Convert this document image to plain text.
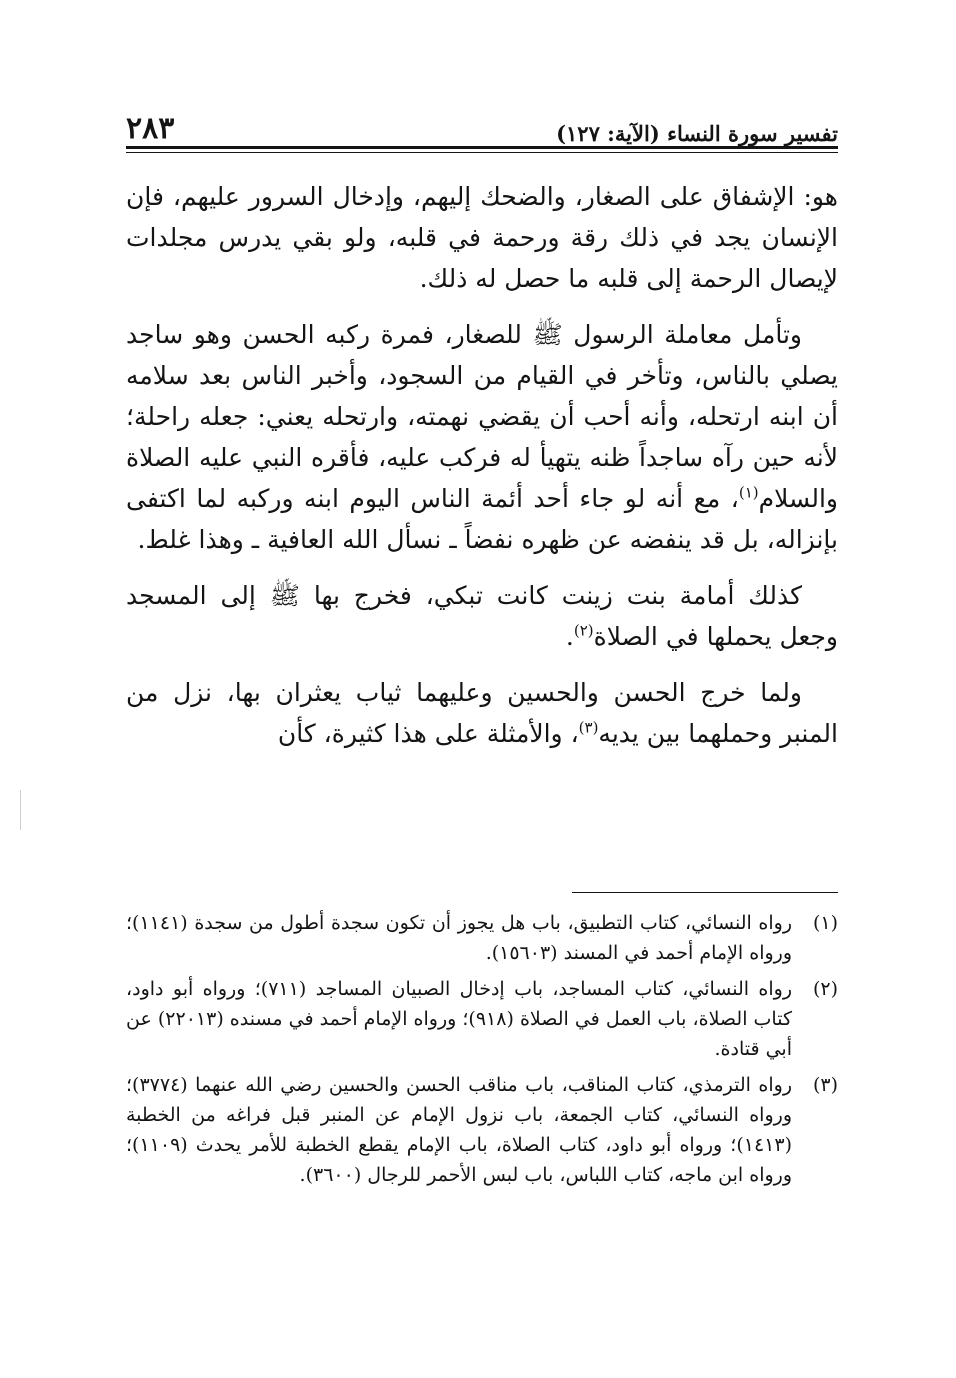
تفسير سورة النساء (الآية: ١٢٧)
٢٨٣

هو: الإشفاق على الصغار، والضحك إليهم، وإدخال السرور عليهم، فإن الإنسان يجد في ذلك رقة ورحمة في قلبه، ولو بقي يدرس مجلدات لإيصال الرحمة إلى قلبه ما حصل له ذلك.

وتأمل معاملة الرسول ﷺ للصغار، فمرة ركبه الحسن وهو ساجد يصلي بالناس، وتأخر في القيام من السجود، وأخبر الناس بعد سلامه أن ابنه ارتحله، وأنه أحب أن يقضي نهمته، وارتحله يعني: جعله راحلة؛ لأنه حين رآه ساجداً ظنه يتهيأ له فركب عليه، فأقره النبي عليه الصلاة والسلام$^{(١)}$، مع أنه لو جاء أحد أئمة الناس اليوم ابنه وركبه لما اكتفى بإنزاله، بل قد ينفضه عن ظهره نفضاً ـ نسأل الله العافية ـ وهذا غلط.

كذلك أمامة بنت زينت كانت تبكي، فخرج بها ﷺ إلى المسجد وجعل يحملها في الصلاة$^{(٢)}$.

ولما خرج الحسن والحسين وعليهما ثياب يعثران بها، نزل من المنبر وحملهما بين يديه$^{(٣)}$، والأمثلة على هذا كثيرة، كأن

(١)
رواه النسائي، كتاب التطبيق، باب هل يجوز أن تكون سجدة أطول من سجدة (١١٤١)؛ ورواه الإمام أحمد في المسند (١٥٦٠٣).
(٢)
رواه النسائي، كتاب المساجد، باب إدخال الصبيان المساجد (٧١١)؛ ورواه أبو داود، كتاب الصلاة، باب العمل في الصلاة (٩١٨)؛ ورواه الإمام أحمد في مسنده (٢٢٠١٣) عن أبي قتادة.
(٣)
رواه الترمذي، كتاب المناقب، باب مناقب الحسن والحسين رضي الله عنهما (٣٧٧٤)؛ ورواه النسائي، كتاب الجمعة، باب نزول الإمام عن المنبر قبل فراغه من الخطبة (١٤١٣)؛ ورواه أبو داود، كتاب الصلاة، باب الإمام يقطع الخطبة للأمر يحدث (١١٠٩)؛ ورواه ابن ماجه، كتاب اللباس، باب لبس الأحمر للرجال (٣٦٠٠).
